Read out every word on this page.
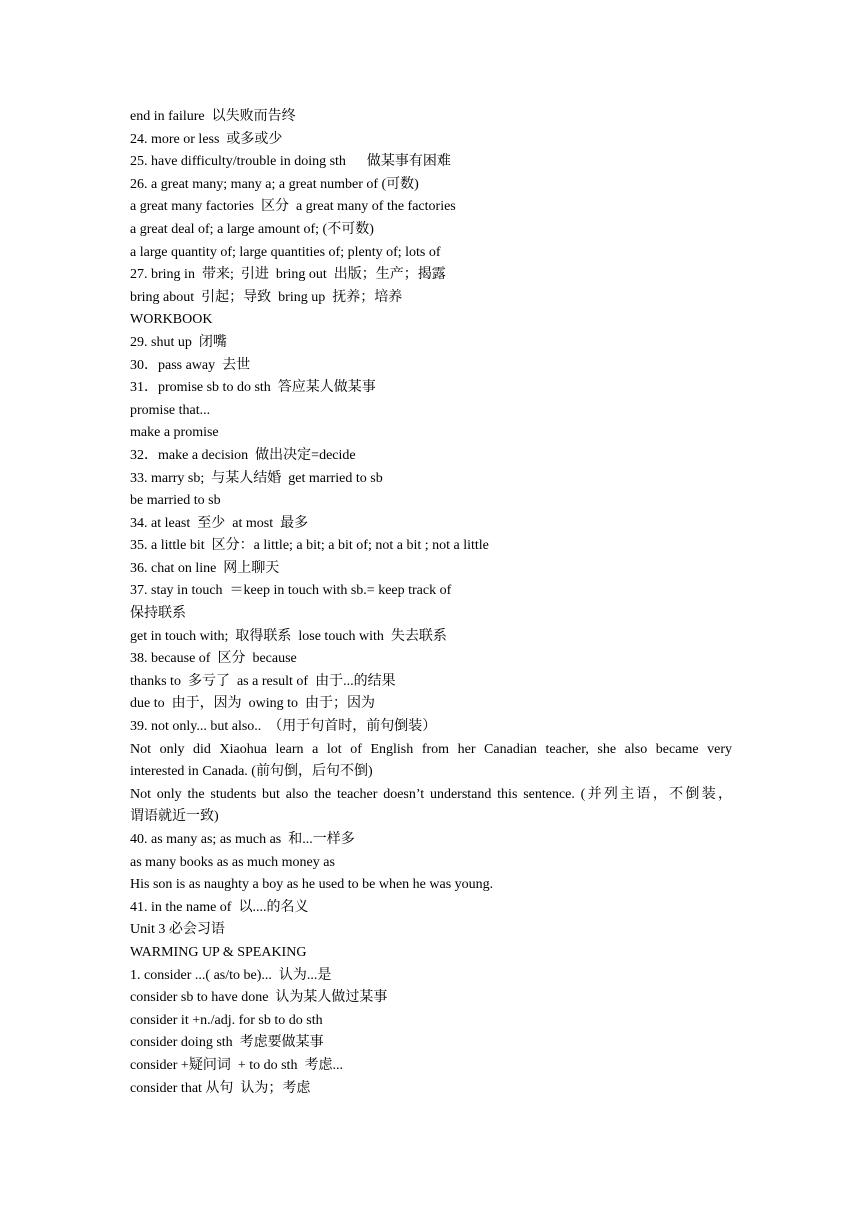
end in failure  以失败而告终
24. more or less  或多或少
25. have difficulty/trouble in doing sth      做某事有困难
26. a great many; many a; a great number of (可数)
a great many factories  区分  a great many of the factories
a great deal of; a large amount of; (不可数)
a large quantity of; large quantities of; plenty of; lots of
27. bring in  带来;  引进  bring out  出版；生产；揭露
bring about  引起；导致  bring up  抚养；培养
WORKBOOK
29. shut up  闭嘴
30．pass away  去世
31．promise sb to do sth  答应某人做某事
promise that...
make a promise
32．make a decision  做出决定=decide
33. marry sb;  与某人结婚  get married to sb
be married to sb
34. at least  至少  at most  最多
35. a little bit  区分：a little; a bit; a bit of; not a bit ; not a little
36. chat on line  网上聊天
37. stay in touch  ＝keep in touch with sb.= keep track of
保持联系
get in touch with;  取得联系  lose touch with  失去联系
38. because of  区分  because
thanks to  多亏了  as a result of  由于...的结果
due to  由于，因为  owing to  由于；因为
39. not only... but also..  （用于句首时，前句倒装）
Not only did Xiaohua learn a lot of English from her Canadian teacher, she also became very
interested in Canada. (前句倒，后句不倒)
Not only the students but also the teacher doesn’t understand this sentence. (并列主语，不倒装，
谓语就近一致)
40. as many as; as much as  和...一样多
as many books as as much money as
His son is as naughty a boy as he used to be when he was young.
41. in the name of  以....的名义
Unit 3 必会习语
WARMING UP & SPEAKING
1. consider ...( as/to be)...  认为...是
consider sb to have done  认为某人做过某事
consider it +n./adj. for sb to do sth
consider doing sth  考虑要做某事
consider +疑问词  + to do sth  考虑...
consider that 从句  认为；考虑
